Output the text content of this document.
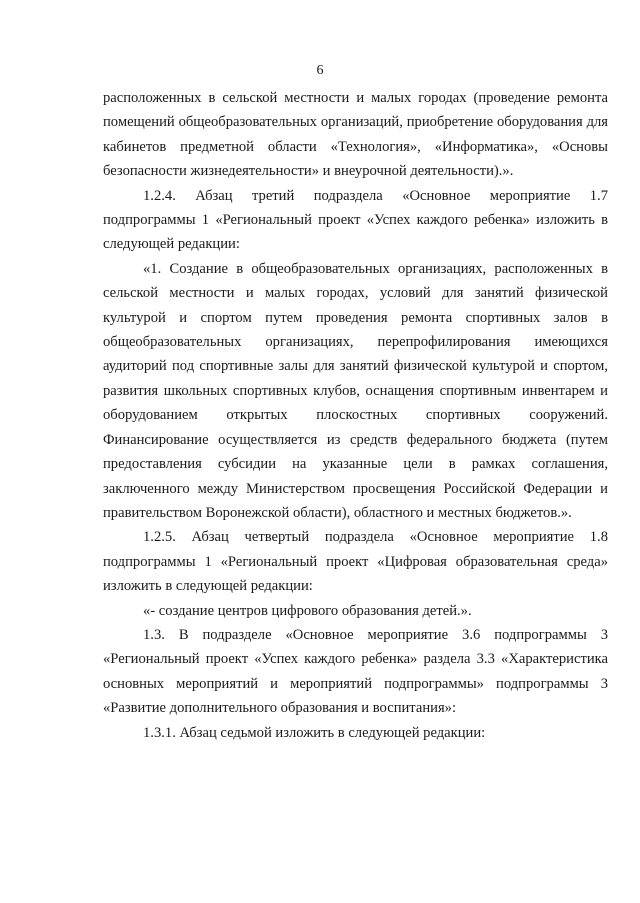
6

расположенных в сельской местности и малых городах (проведение ремонта помещений общеобразовательных организаций, приобретение оборудования для кабинетов предметной области «Технология», «Информатика», «Основы безопасности жизнедеятельности» и внеурочной деятельности).».

1.2.4. Абзац третий подраздела «Основное мероприятие 1.7 подпрограммы 1 «Региональный проект «Успех каждого ребенка» изложить в следующей редакции:

«1. Создание в общеобразовательных организациях, расположенных в сельской местности и малых городах, условий для занятий физической культурой и спортом путем проведения ремонта спортивных залов в общеобразовательных организациях, перепрофилирования имеющихся аудиторий под спортивные залы для занятий физической культурой и спортом, развития школьных спортивных клубов, оснащения спортивным инвентарем и оборудованием открытых плоскостных спортивных сооружений. Финансирование осуществляется из средств федерального бюджета (путем предоставления субсидии на указанные цели в рамках соглашения, заключенного между Министерством просвещения Российской Федерации и правительством Воронежской области), областного и местных бюджетов.».

1.2.5. Абзац четвертый подраздела «Основное мероприятие 1.8 подпрограммы 1 «Региональный проект «Цифровая образовательная среда» изложить в следующей редакции:

«- создание центров цифрового образования детей.».

1.3. В подразделе «Основное мероприятие 3.6 подпрограммы 3 «Региональный проект «Успех каждого ребенка» раздела 3.3 «Характеристика основных мероприятий и мероприятий подпрограммы» подпрограммы 3 «Развитие дополнительного образования и воспитания»:

1.3.1. Абзац седьмой изложить в следующей редакции:
